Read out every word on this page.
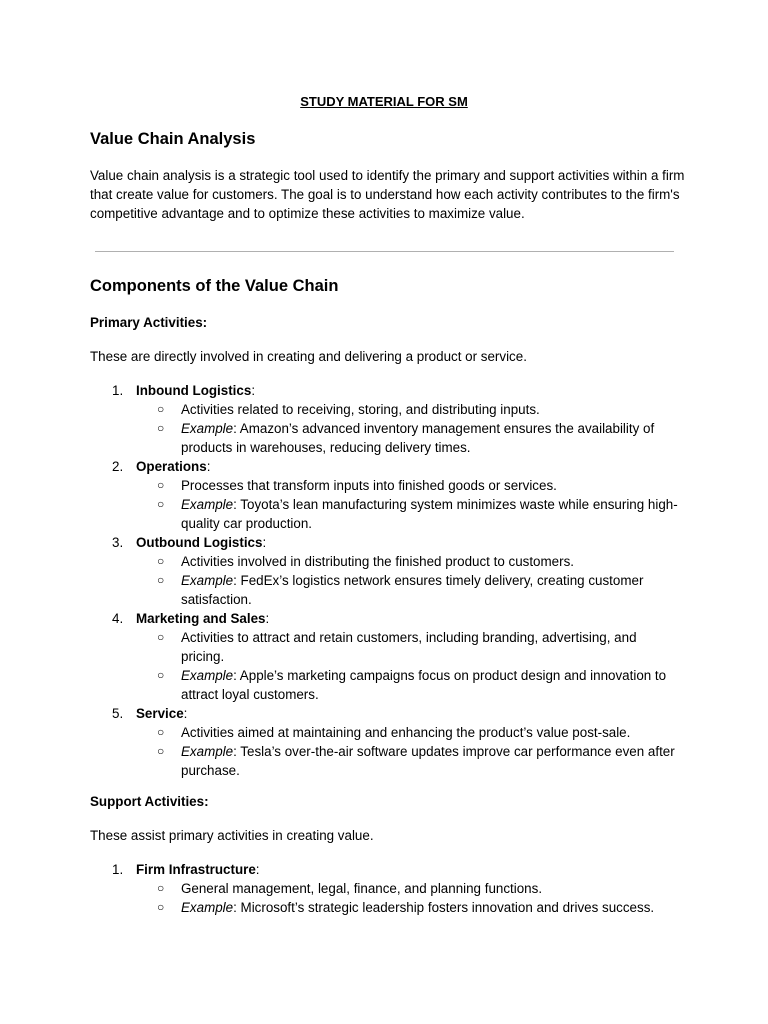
STUDY MATERIAL FOR SM
Value Chain Analysis
Value chain analysis is a strategic tool used to identify the primary and support activities within a firm that create value for customers. The goal is to understand how each activity contributes to the firm's competitive advantage and to optimize these activities to maximize value.
Components of the Value Chain
Primary Activities:
These are directly involved in creating and delivering a product or service.
1. Inbound Logistics:
○ Activities related to receiving, storing, and distributing inputs.
○ Example: Amazon’s advanced inventory management ensures the availability of products in warehouses, reducing delivery times.
2. Operations:
○ Processes that transform inputs into finished goods or services.
○ Example: Toyota’s lean manufacturing system minimizes waste while ensuring high-quality car production.
3. Outbound Logistics:
○ Activities involved in distributing the finished product to customers.
○ Example: FedEx’s logistics network ensures timely delivery, creating customer satisfaction.
4. Marketing and Sales:
○ Activities to attract and retain customers, including branding, advertising, and pricing.
○ Example: Apple’s marketing campaigns focus on product design and innovation to attract loyal customers.
5. Service:
○ Activities aimed at maintaining and enhancing the product’s value post-sale.
○ Example: Tesla’s over-the-air software updates improve car performance even after purchase.
Support Activities:
These assist primary activities in creating value.
1. Firm Infrastructure:
○ General management, legal, finance, and planning functions.
○ Example: Microsoft’s strategic leadership fosters innovation and drives success.
